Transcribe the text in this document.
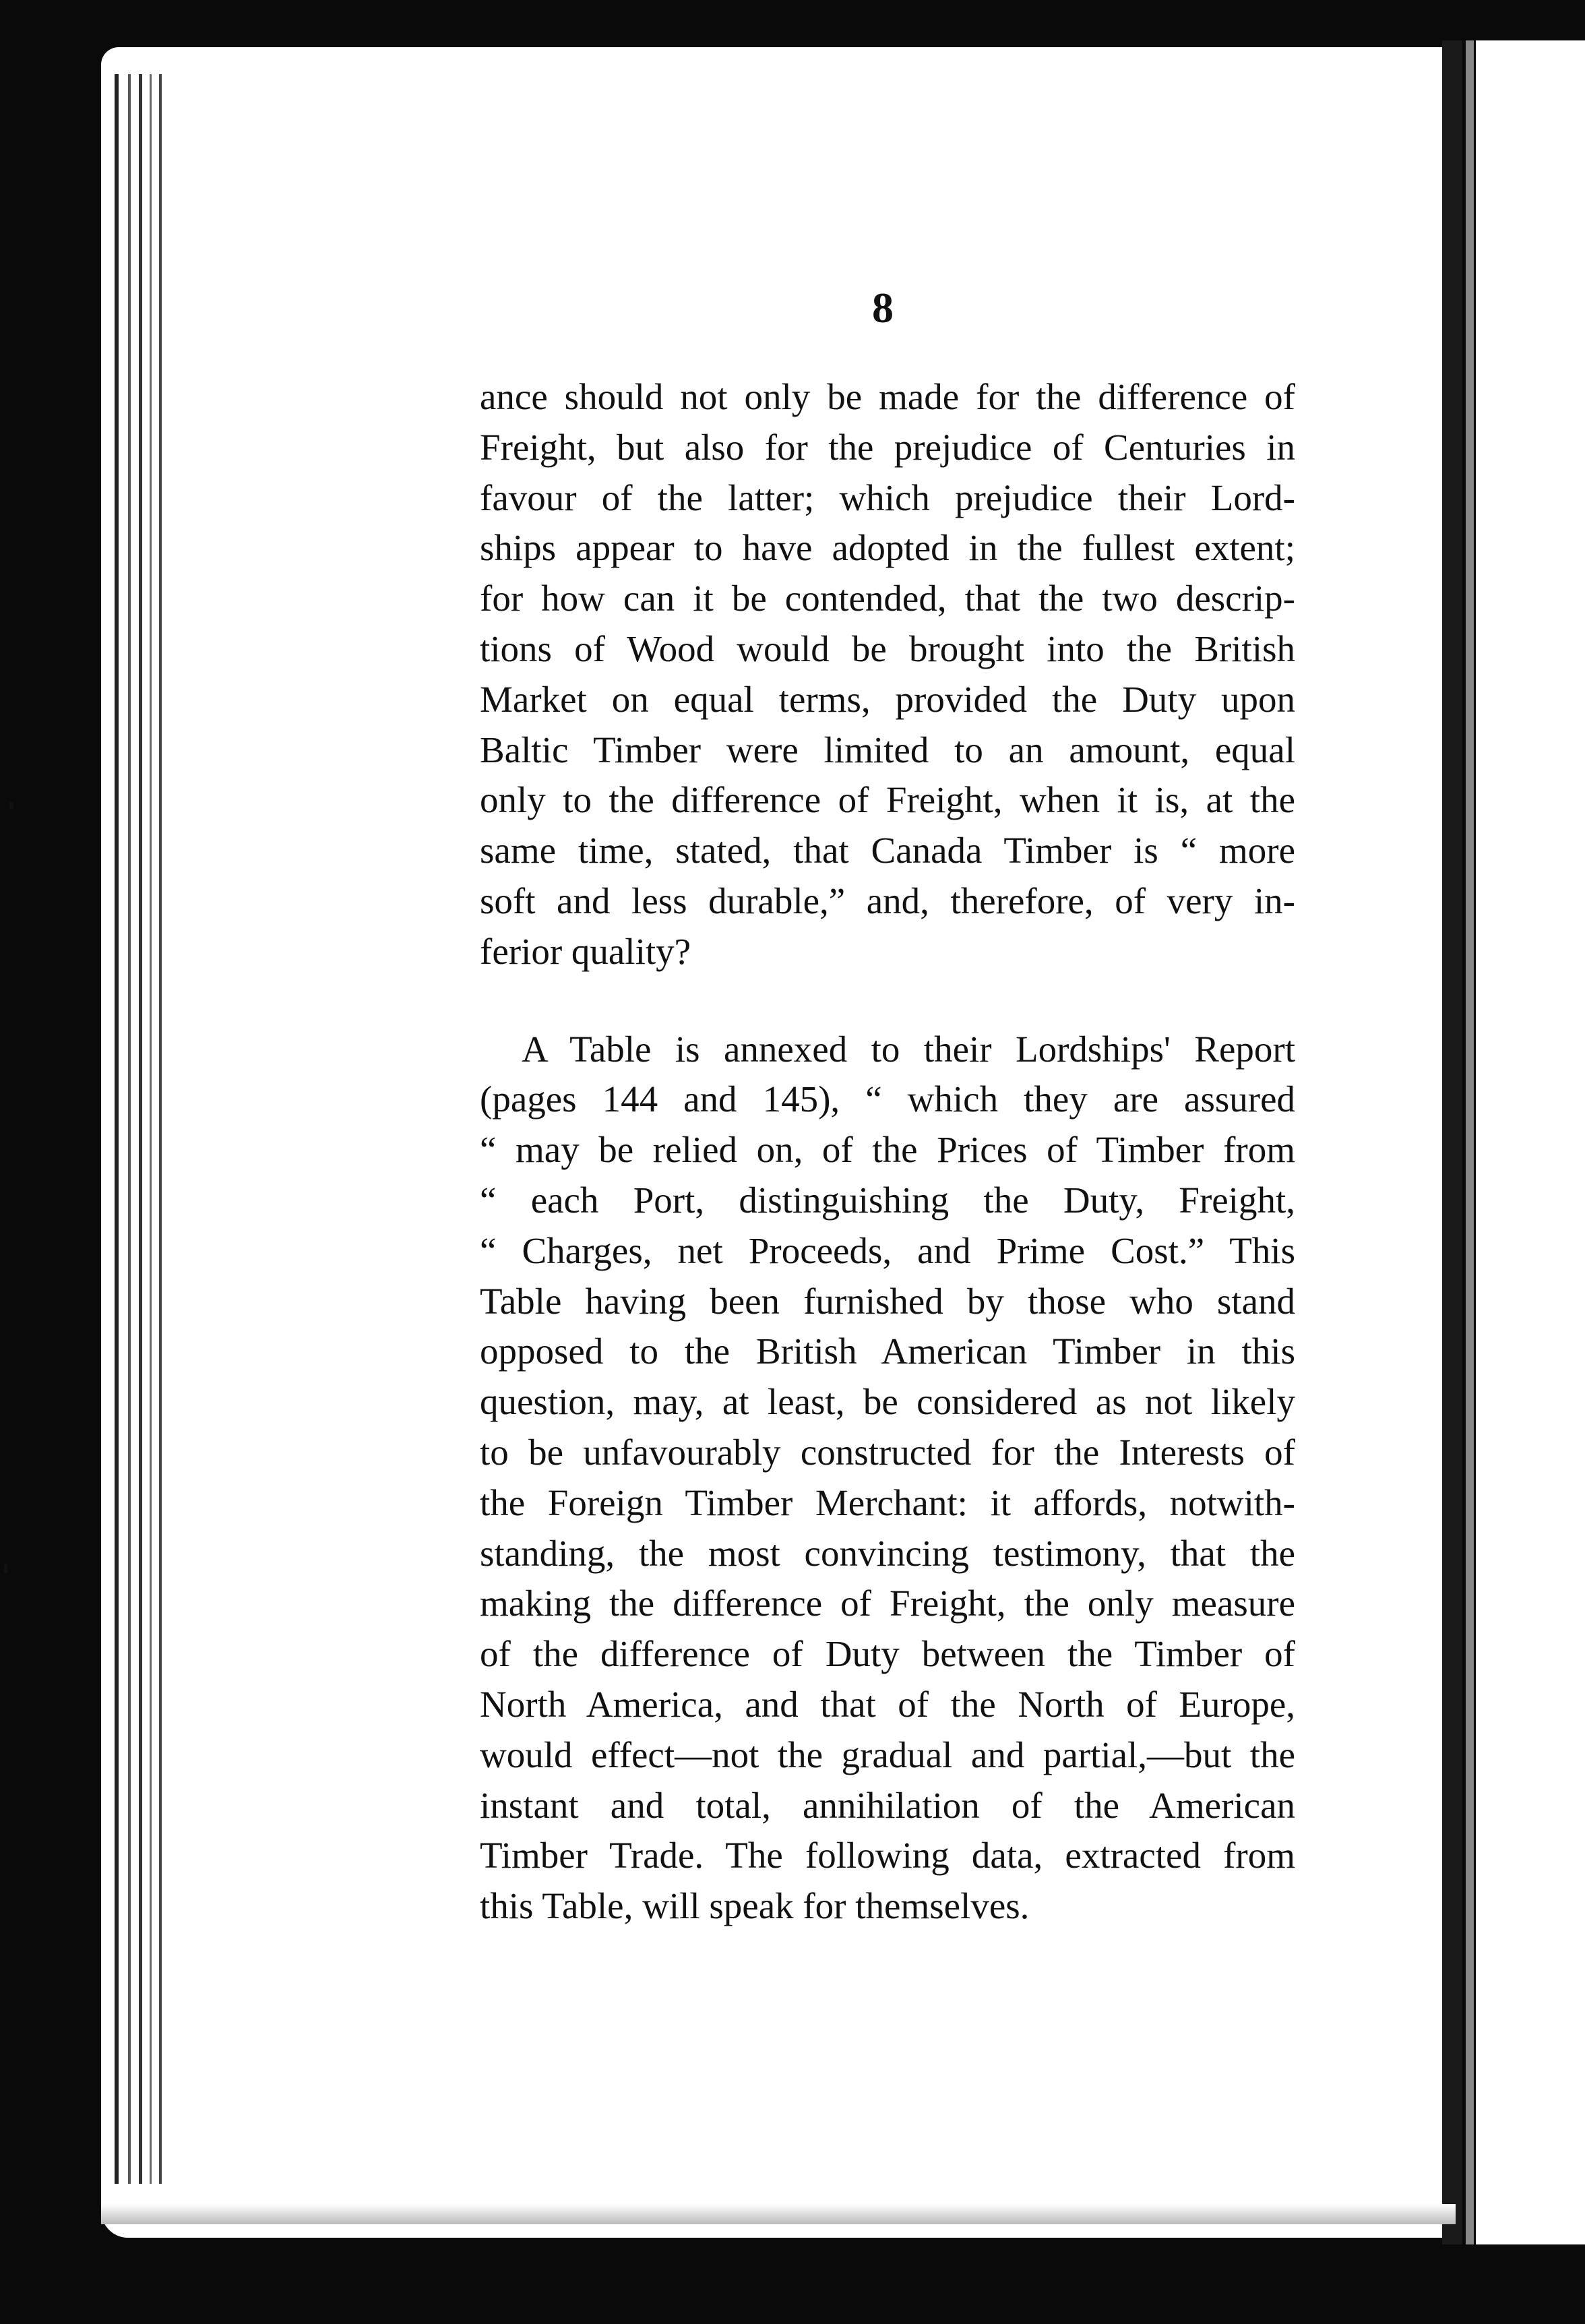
8

ance should not only be made for the difference of
Freight, but also for the prejudice of Centuries in
favour of the latter; which prejudice their Lord-
ships appear to have adopted in the fullest extent;
for how can it be contended, that the two descrip-
tions of Wood would be brought into the British
Market on equal terms, provided the Duty upon
Baltic Timber were limited to an amount, equal
only to the difference of Freight, when it is, at the
same time, stated, that Canada Timber is “ more
soft and less durable,” and, therefore, of very in-
ferior quality?

A Table is annexed to their Lordships' Report
(pages 144 and 145), “ which they are assured
“ may be relied on, of the Prices of Timber from
“ each Port, distinguishing the Duty, Freight,
“ Charges, net Proceeds, and Prime Cost.” This
Table having been furnished by those who stand
opposed to the British American Timber in this
question, may, at least, be considered as not likely
to be unfavourably constructed for the Interests of
the Foreign Timber Merchant: it affords, notwith-
standing, the most convincing testimony, that the
making the difference of Freight, the only measure
of the difference of Duty between the Timber of
North America, and that of the North of Europe,
would effect—not the gradual and partial,—but the
instant and total, annihilation of the American
Timber Trade. The following data, extracted from
this Table, will speak for themselves.
